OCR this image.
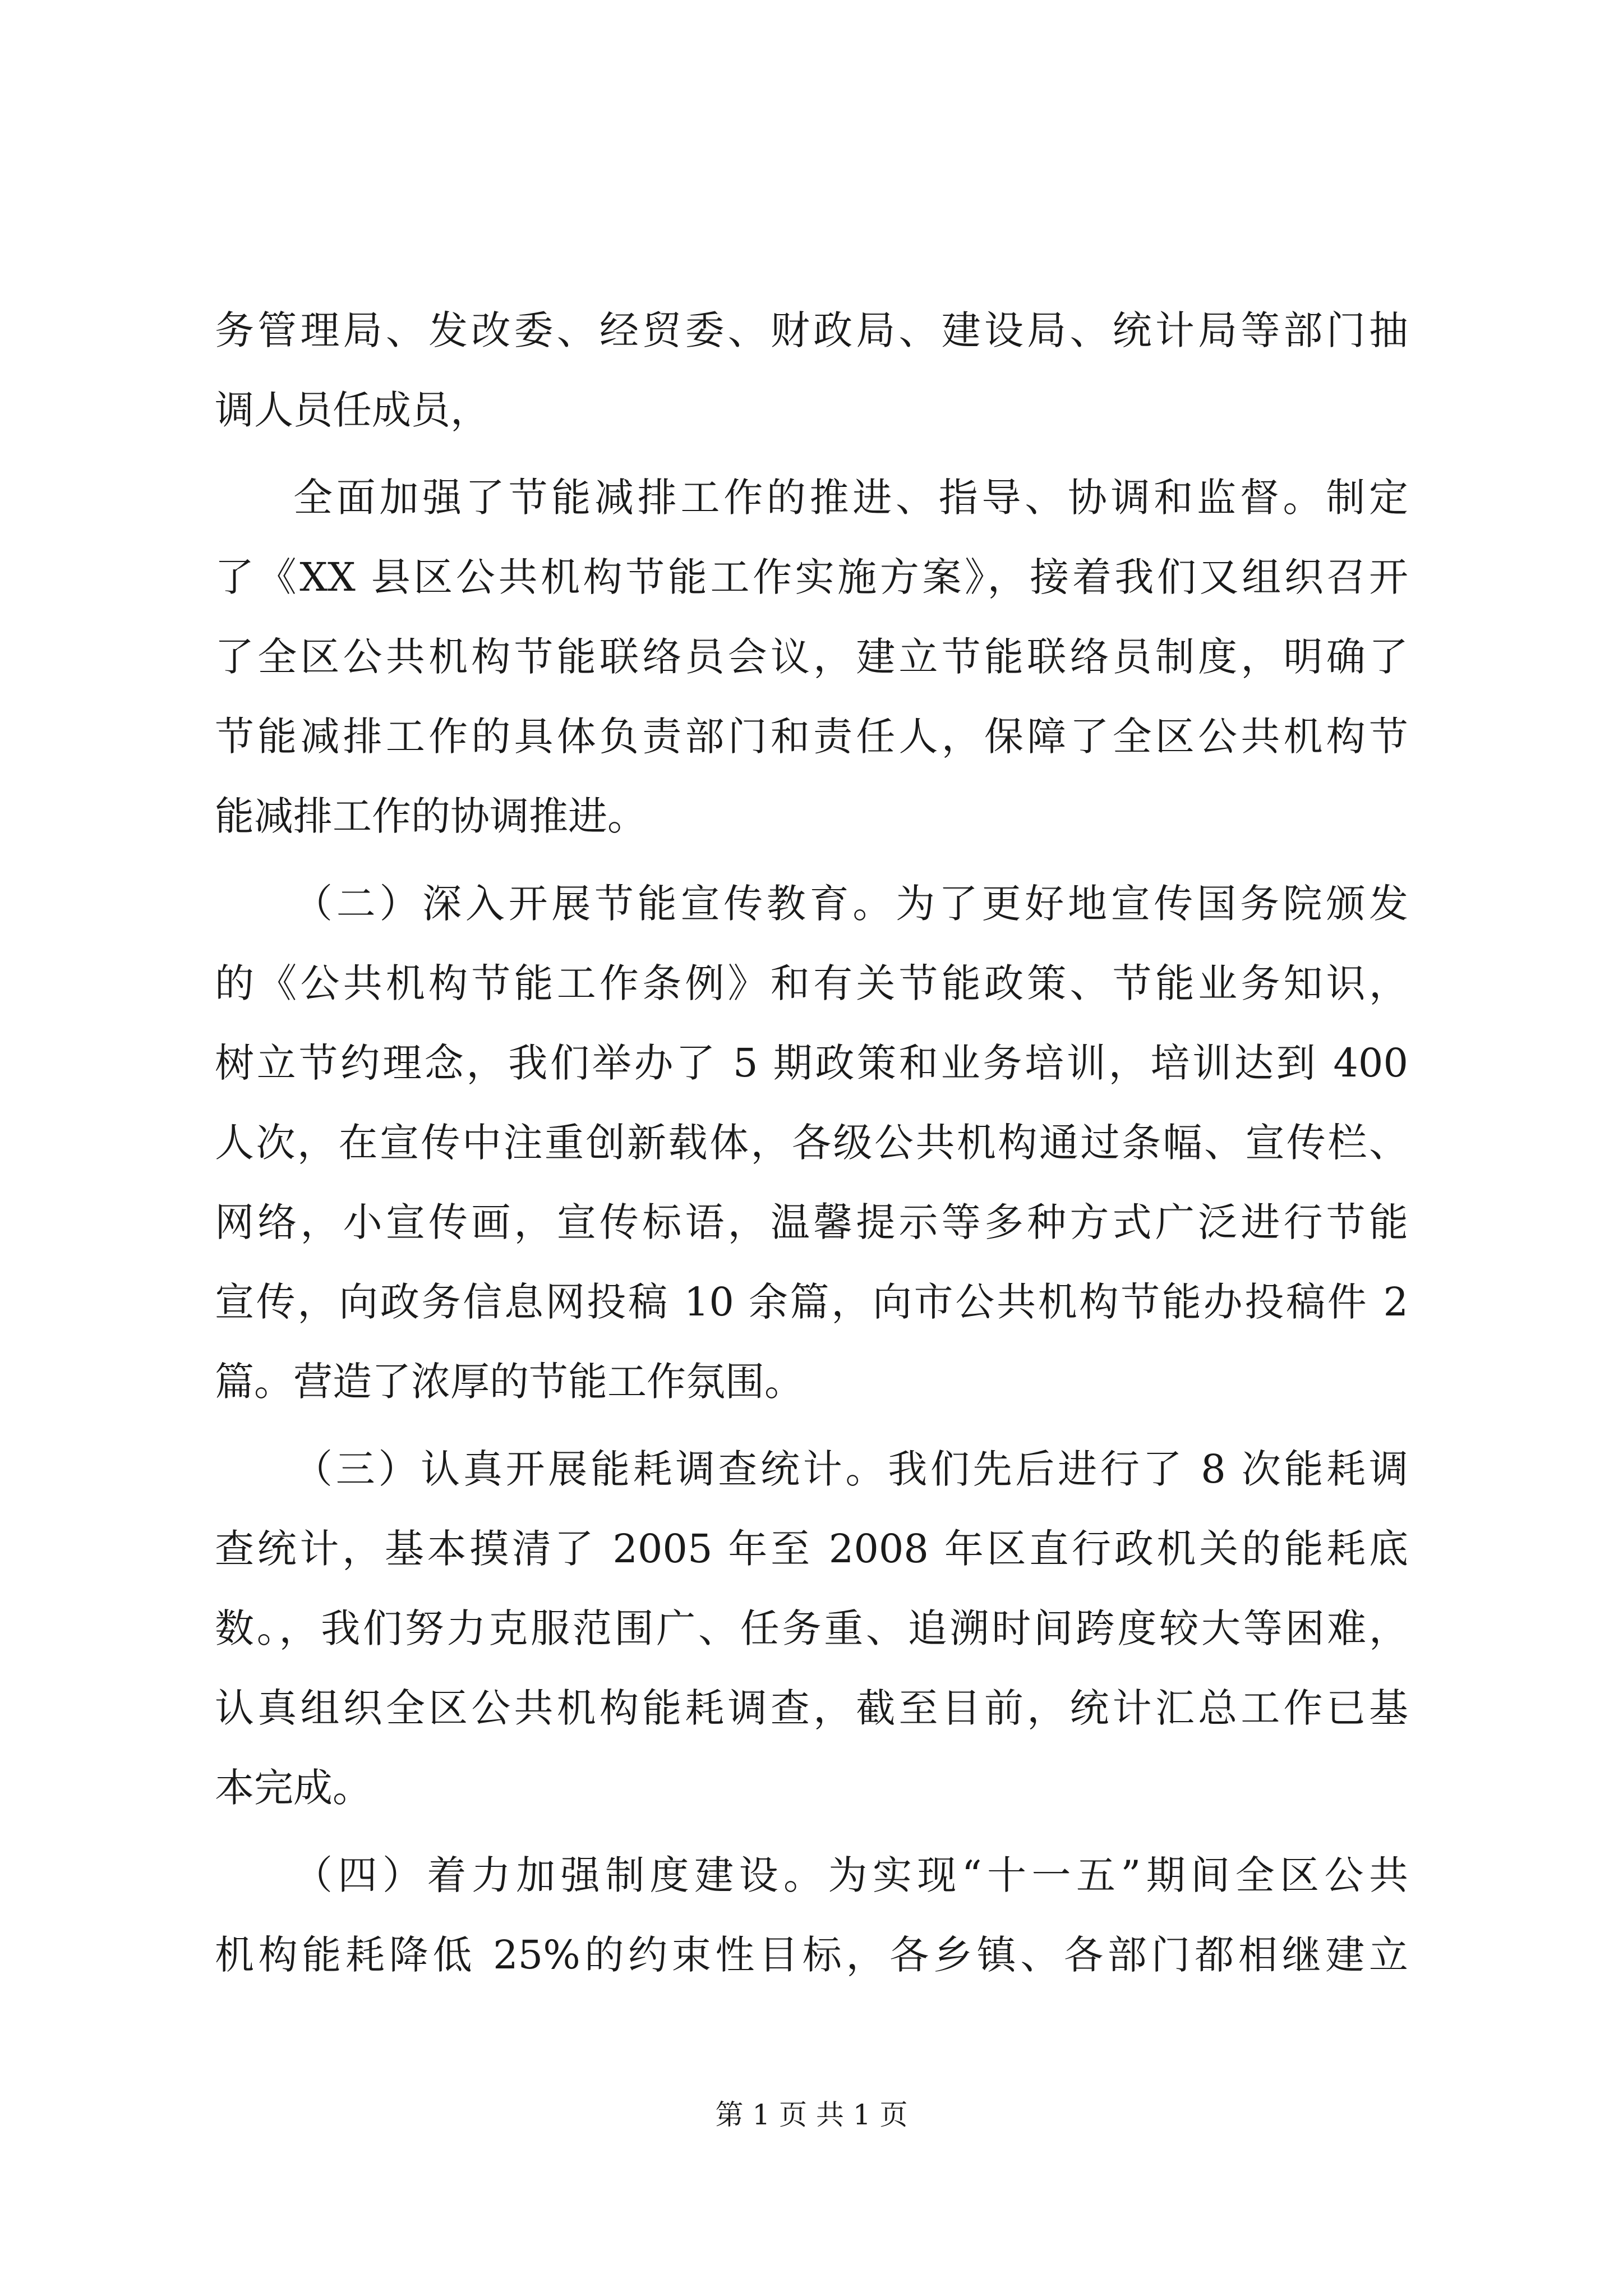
务管理局、发改委、经贸委、财政局、建设局、统计局等部门抽
调人员任成员，
全面加强了节能减排工作的推进、指导、协调和监督。制定
了《XX 县区公共机构节能工作实施方案》，接着我们又组织召开
了全区公共机构节能联络员会议，建立节能联络员制度，明确了
节能减排工作的具体负责部门和责任人，保障了全区公共机构节
能减排工作的协调推进。
（二）深入开展节能宣传教育。为了更好地宣传国务院颁发
的《公共机构节能工作条例》和有关节能政策、节能业务知识，
树立节约理念，我们举办了 5 期政策和业务培训，培训达到 400
人次，在宣传中注重创新载体，各级公共机构通过条幅、宣传栏、
网络，小宣传画，宣传标语，温馨提示等多种方式广泛进行节能
宣传，向政务信息网投稿 10 余篇，向市公共机构节能办投稿件 2
篇。营造了浓厚的节能工作氛围。
（三）认真开展能耗调查统计。我们先后进行了 8 次能耗调
查统计，基本摸清了 2005 年至 2008 年区直行政机关的能耗底
数。，我们努力克服范围广、任务重、追溯时间跨度较大等困难，
认真组织全区公共机构能耗调查，截至目前，统计汇总工作已基
本完成。
（四）着力加强制度建设。为实现“十一五”期间全区公共
机构能耗降低 25%的约束性目标，各乡镇、各部门都相继建立
第 1 页 共 1 页
